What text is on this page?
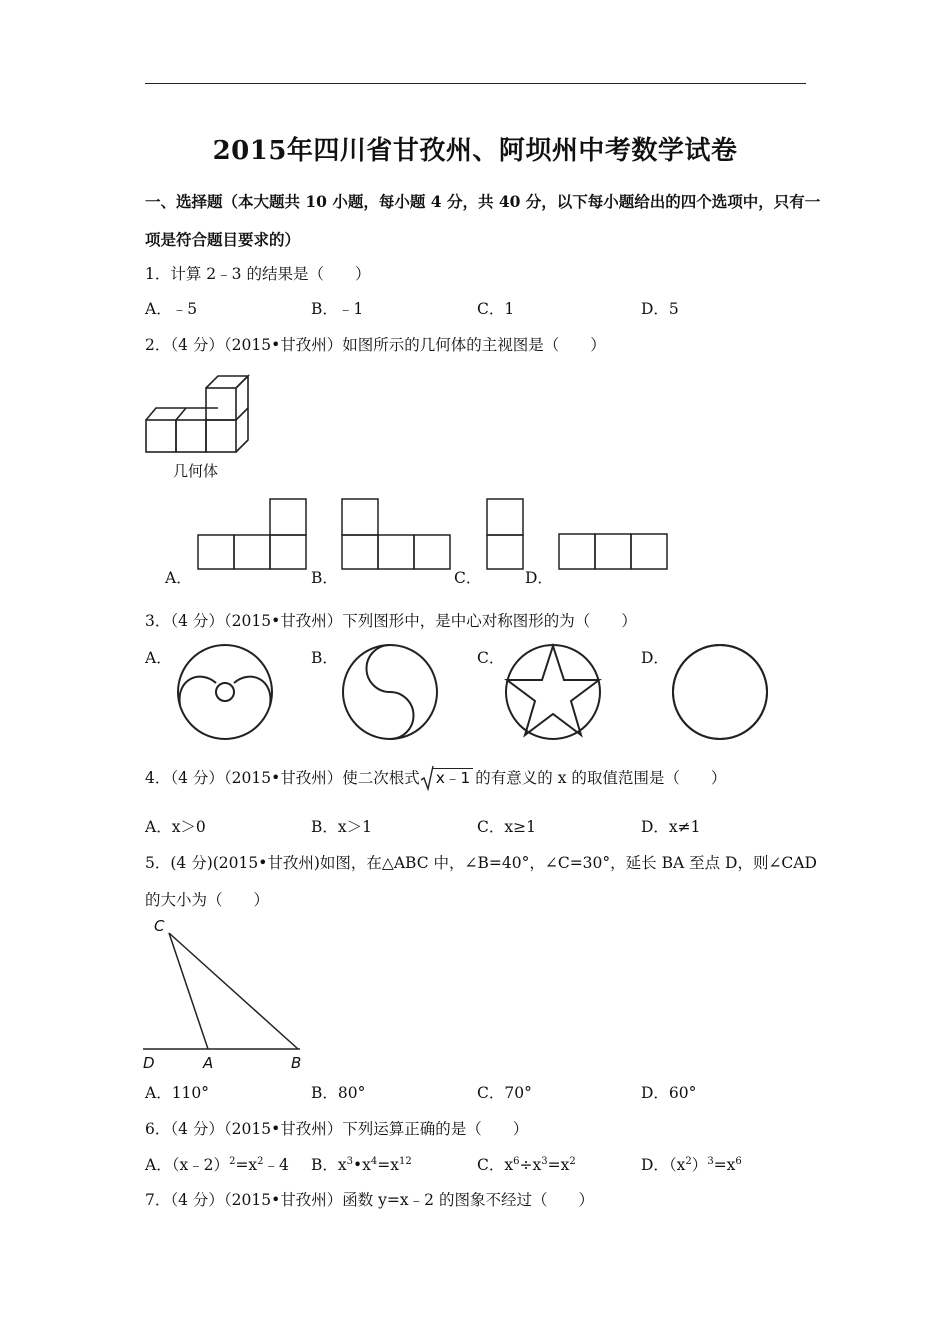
2015年四川省甘孜州、阿坝州中考数学试卷
一、选择题（本大题共 10 小题，每小题 4 分，共 40 分，以下每小题给出的四个选项中，只有一
项是符合题目要求的）
1．计算 2﹣3 的结果是（　　）
A．﹣5	B．﹣1	C．1	D．5
2．（4 分）（2015•甘孜州）如图所示的几何体的主视图是（　　）
几何体
A．	B．	C．	D．
3．（4 分）（2015•甘孜州）下列图形中，是中心对称图形的为（　　）
A．	B．	C．	D．
4．（4 分）（2015•甘孜州）使二次根式 x﹣1 的有意义的 x 的取值范围是（　　）
A．x＞0	B．x＞1	C．x≥1	D．x≠1
5．(4 分)(2015•甘孜州)如图，在△ABC 中，∠B=40°，∠C=30°，延长 BA 至点 D，则∠CAD
的大小为（　　）
C
D	A	B
A．110°	B．80°	C．70°	D．60°
6．（4 分）（2015•甘孜州）下列运算正确的是（　　）
A．$(x﹣2)^2=x^2﹣4$ B．$x^3•x^4=x^{12}$	C．$x^6\div x^3=x^2$	D．$(x^2)^3=x^6$
7．（4 分）（2015•甘孜州）函数 y=x﹣2 的图象不经过（　　）
